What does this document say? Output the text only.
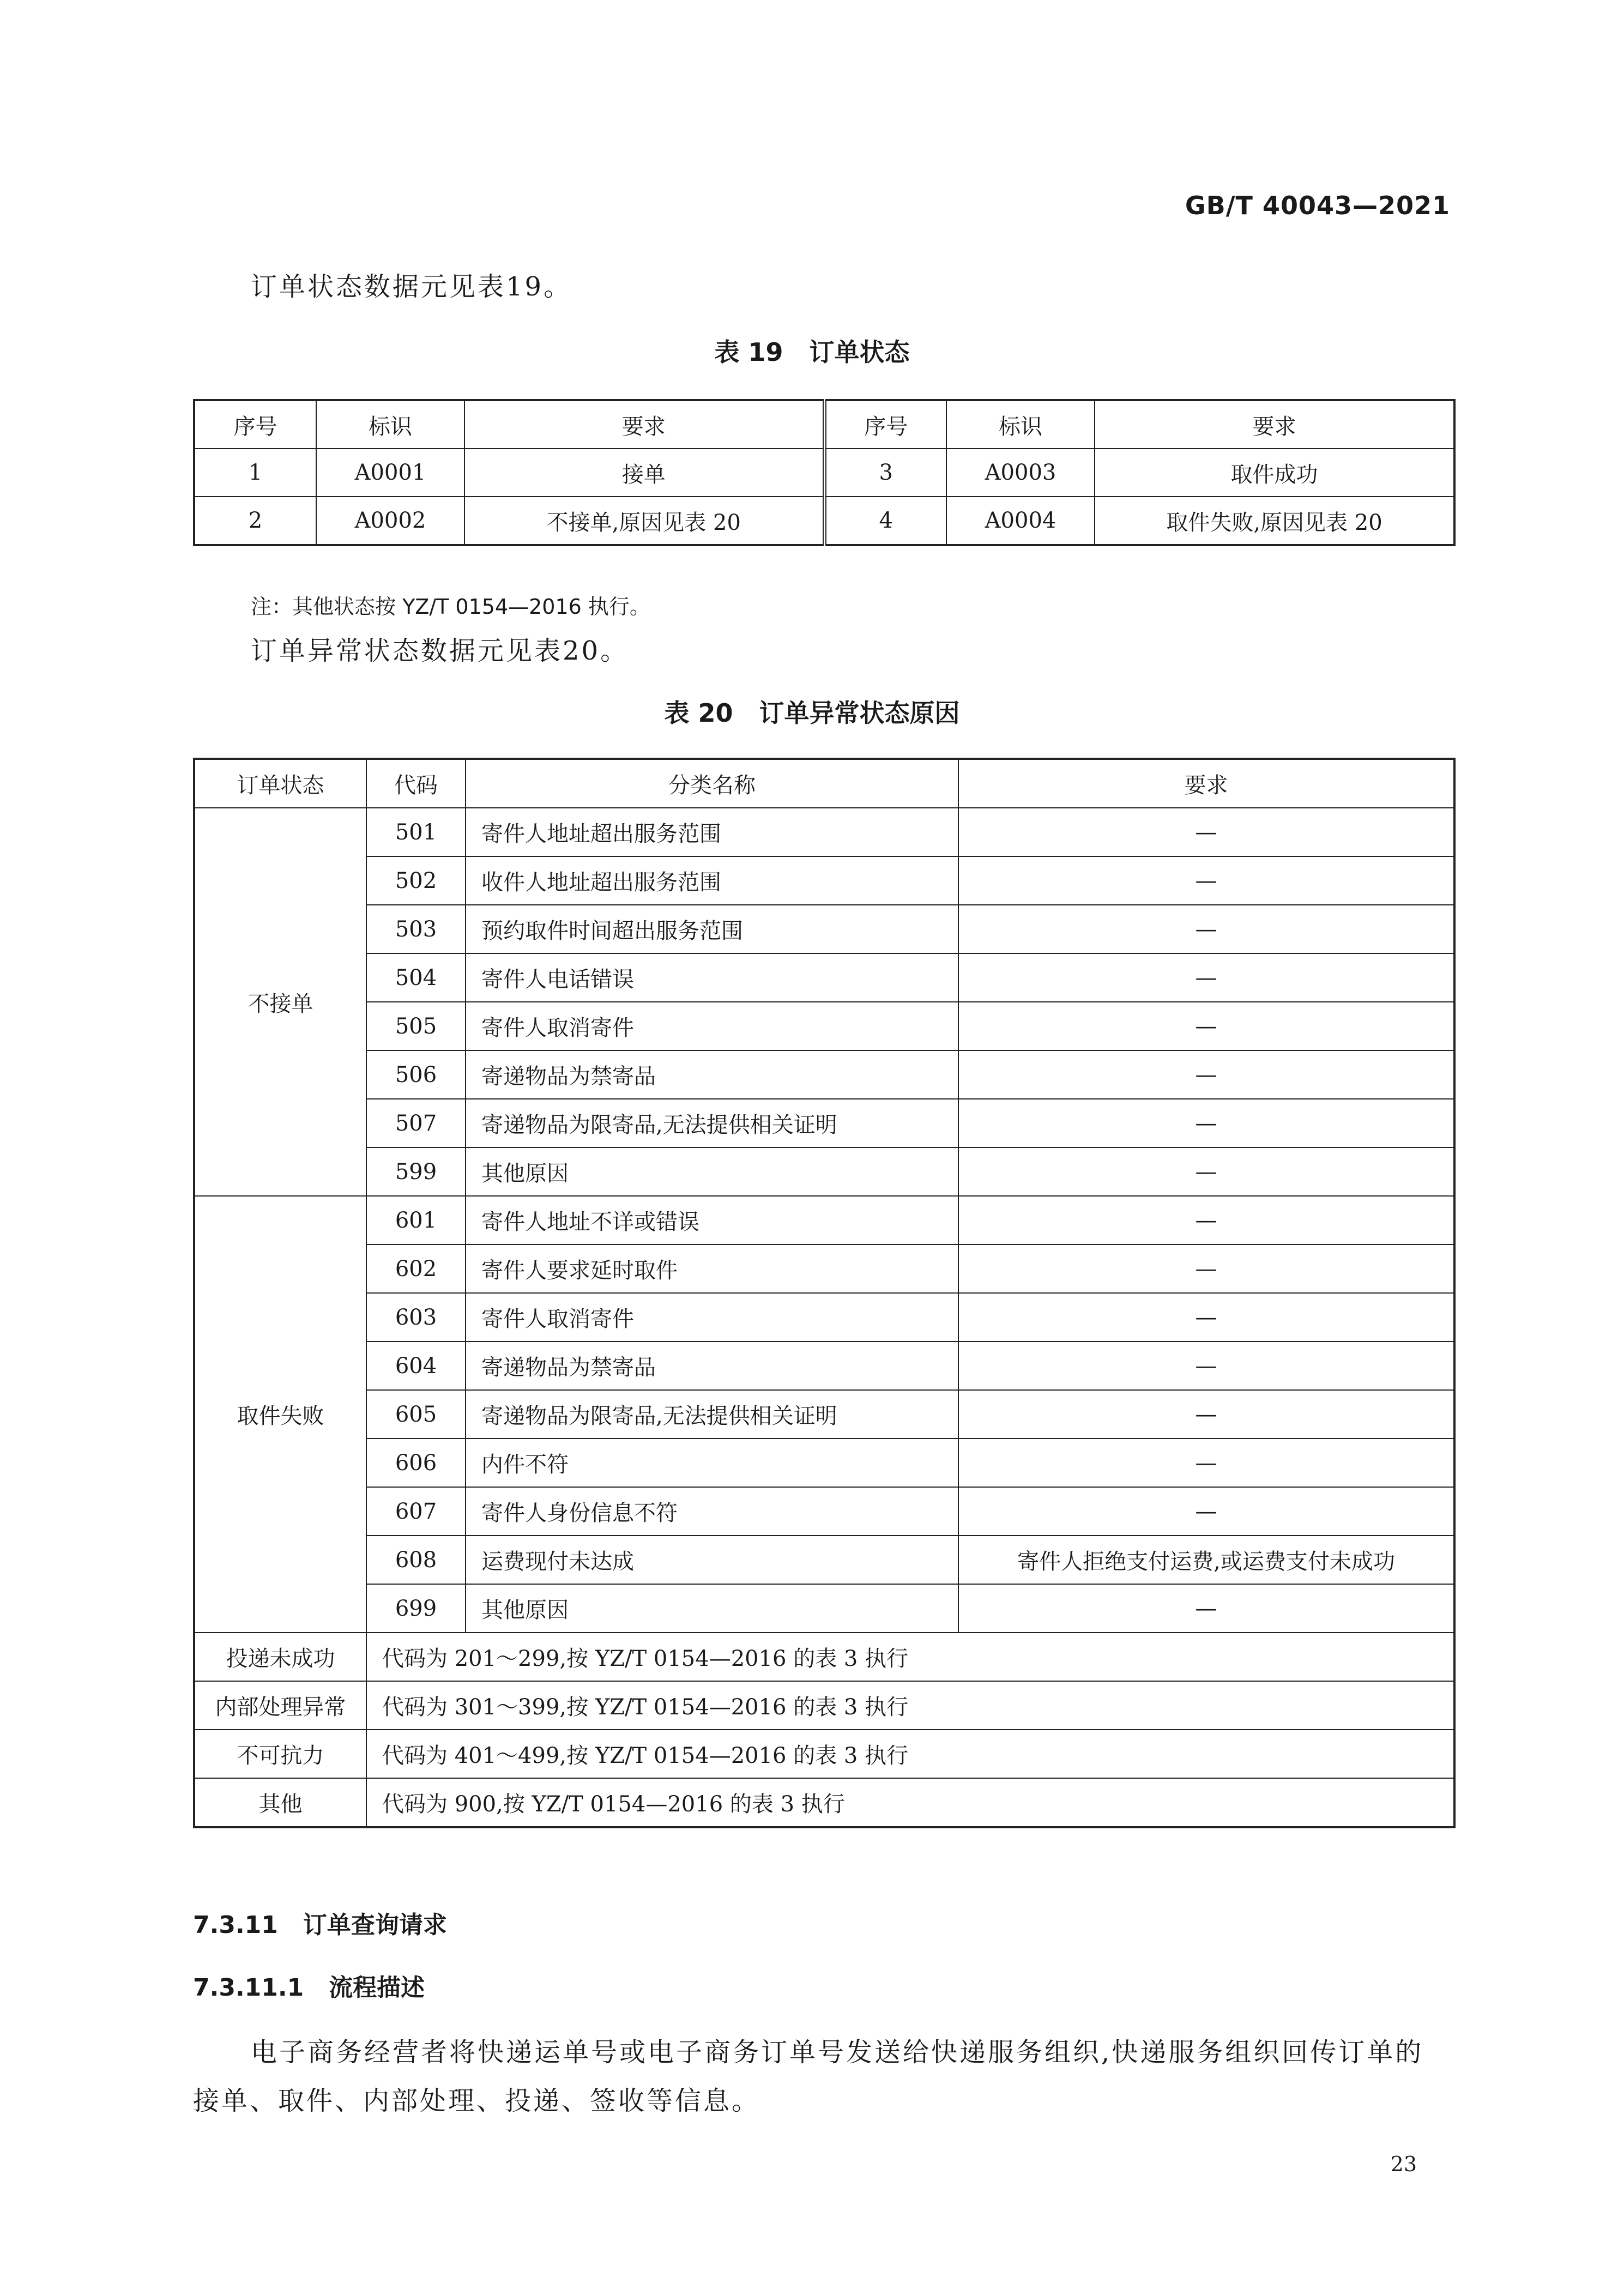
GB/T 40043—2021
订单状态数据元见表19。
表 19   订单状态
序号	标识	要求	序号	标识	要求
1	A0001	接单	3	A0003	取件成功
2	A0002	不接单,原因见表 20	4	A0004	取件失败,原因见表 20
注：其他状态按 YZ/T 0154—2016 执行。
订单异常状态数据元见表20。
表 20   订单异常状态原因
订单状态	代码	分类名称	要求
不接单	501	寄件人地址超出服务范围	—
	502	收件人地址超出服务范围	—
	503	预约取件时间超出服务范围	—
	504	寄件人电话错误	—
	505	寄件人取消寄件	—
	506	寄递物品为禁寄品	—
	507	寄递物品为限寄品,无法提供相关证明	—
	599	其他原因	—
取件失败	601	寄件人地址不详或错误	—
	602	寄件人要求延时取件	—
	603	寄件人取消寄件	—
	604	寄递物品为禁寄品	—
	605	寄递物品为限寄品,无法提供相关证明	—
	606	内件不符	—
	607	寄件人身份信息不符	—
	608	运费现付未达成	寄件人拒绝支付运费,或运费支付未成功
	699	其他原因	—
投递未成功	代码为 201～299,按 YZ/T 0154—2016 的表 3 执行		
内部处理异常	代码为 301～399,按 YZ/T 0154—2016 的表 3 执行		
不可抗力	代码为 401～499,按 YZ/T 0154—2016 的表 3 执行		
其他	代码为 900,按 YZ/T 0154—2016 的表 3 执行		
7.3.11   订单查询请求
7.3.11.1   流程描述
电子商务经营者将快递运单号或电子商务订单号发送给快递服务组织,快递服务组织回传订单的
接单、取件、内部处理、投递、签收等信息。
23
